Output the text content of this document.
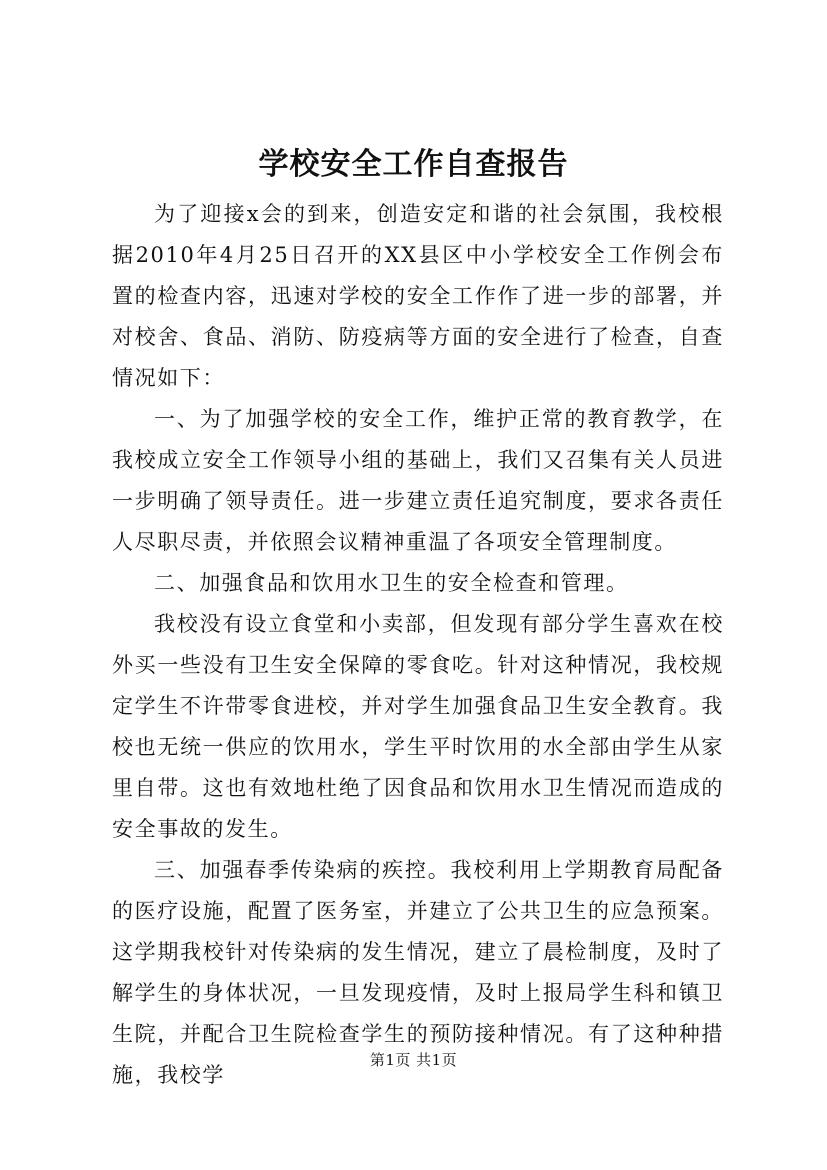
学校安全工作自查报告

为了迎接x会的到来，创造安定和谐的社会氛围，我校根据2010年4月25日召开的XX县区中小学校安全工作例会布置的检查内容，迅速对学校的安全工作作了进一步的部署，并对校舍、食品、消防、防疫病等方面的安全进行了检查，自查情况如下：

一、为了加强学校的安全工作，维护正常的教育教学，在我校成立安全工作领导小组的基础上，我们又召集有关人员进一步明确了领导责任。进一步建立责任追究制度，要求各责任人尽职尽责，并依照会议精神重温了各项安全管理制度。

二、加强食品和饮用水卫生的安全检查和管理。

我校没有设立食堂和小卖部，但发现有部分学生喜欢在校外买一些没有卫生安全保障的零食吃。针对这种情况，我校规定学生不许带零食进校，并对学生加强食品卫生安全教育。我校也无统一供应的饮用水，学生平时饮用的水全部由学生从家里自带。这也有效地杜绝了因食品和饮用水卫生情况而造成的安全事故的发生。

三、加强春季传染病的疾控。我校利用上学期教育局配备的医疗设施，配置了医务室，并建立了公共卫生的应急预案。这学期我校针对传染病的发生情况，建立了晨检制度，及时了解学生的身体状况，一旦发现疫情，及时上报局学生科和镇卫生院，并配合卫生院检查学生的预防接种情况。有了这种种措施，我校学

第1页 共1页
